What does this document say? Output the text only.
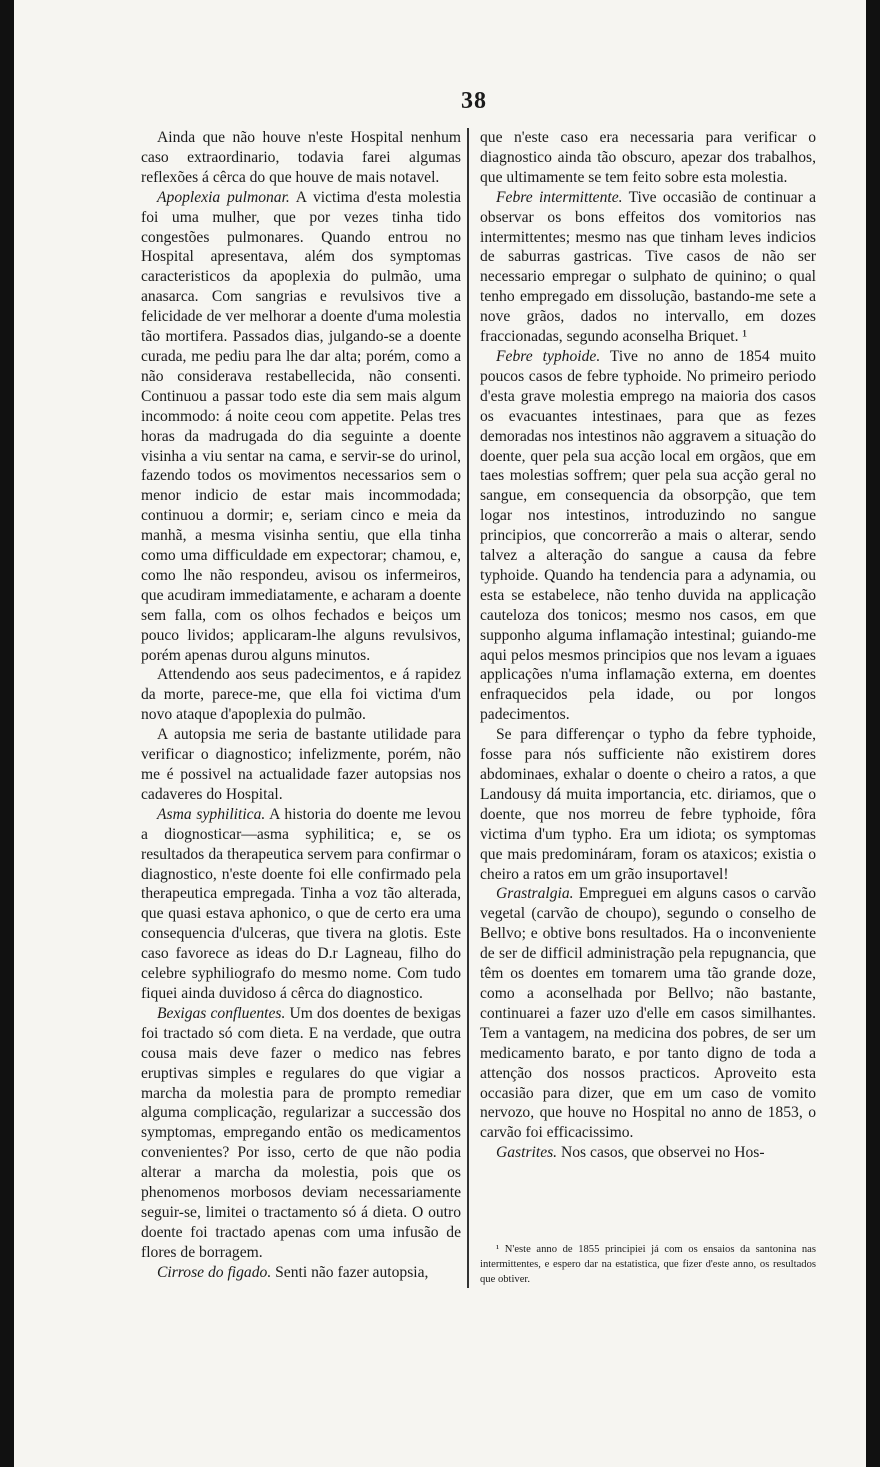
38

Ainda que não houve n'este Hospital nenhum caso extraordinario, todavia farei algumas reflexões á cêrca do que houve de mais notavel.

Apoplexia pulmonar. A victima d'esta molestia foi uma mulher, que por vezes tinha tido congestões pulmonares. Quando entrou no Hospital apresentava, além dos symptomas caracteristicos da apoplexia do pulmão, uma anasarca. Com sangrias e revulsivos tive a felicidade de ver melhorar a doente d'uma molestia tão mortifera. Passados dias, julgando-se a doente curada, me pediu para lhe dar alta; porém, como a não considerava restabellecida, não consenti. Continuou a passar todo este dia sem mais algum incommodo: á noite ceou com appetite. Pelas tres horas da madrugada do dia seguinte a doente visinha a viu sentar na cama, e servir-se do urinol, fazendo todos os movimentos necessarios sem o menor indicio de estar mais incommodada; continuou a dormir; e, seriam cinco e meia da manhã, a mesma visinha sentiu, que ella tinha como uma difficuldade em expectorar; chamou, e, como lhe não respondeu, avisou os infermeiros, que acudiram immediatamente, e acharam a doente sem falla, com os olhos fechados e beiços um pouco lividos; applicaram-lhe alguns revulsivos, porém apenas durou alguns minutos.

Attendendo aos seus padecimentos, e á rapidez da morte, parece-me, que ella foi victima d'um novo ataque d'apoplexia do pulmão.

A autopsia me seria de bastante utilidade para verificar o diagnostico; infelizmente, porém, não me é possivel na actualidade fazer autopsias nos cadaveres do Hospital.

Asma syphilitica. A historia do doente me levou a diognosticar—asma syphilitica; e, se os resultados da therapeutica servem para confirmar o diagnostico, n'este doente foi elle confirmado pela therapeutica empregada. Tinha a voz tão alterada, que quasi estava aphonico, o que de certo era uma consequencia d'ulceras, que tivera na glotis. Este caso favorece as ideas do D.r Lagneau, filho do celebre syphiliografo do mesmo nome. Com tudo fiquei ainda duvidoso á cêrca do diagnostico.

Bexigas confluentes. Um dos doentes de bexigas foi tractado só com dieta. E na verdade, que outra cousa mais deve fazer o medico nas febres eruptivas simples e regulares do que vigiar a marcha da molestia para de prompto remediar alguma complicação, regularizar a successão dos symptomas, empregando então os medicamentos convenientes? Por isso, certo de que não podia alterar a marcha da molestia, pois que os phenomenos morbosos deviam necessariamente seguir-se, limitei o tractamento só á dieta. O outro doente foi tractado apenas com uma infusão de flores de borragem.

Cirrose do figado. Senti não fazer autopsia,

que n'este caso era necessaria para verificar o diagnostico ainda tão obscuro, apezar dos trabalhos, que ultimamente se tem feito sobre esta molestia.

Febre intermittente. Tive occasião de continuar a observar os bons effeitos dos vomitorios nas intermittentes; mesmo nas que tinham leves indicios de saburras gastricas. Tive casos de não ser necessario empregar o sulphato de quinino; o qual tenho empregado em dissolução, bastando-me sete a nove grãos, dados no intervallo, em dozes fraccionadas, segundo aconselha Briquet. ¹

Febre typhoide. Tive no anno de 1854 muito poucos casos de febre typhoide. No primeiro periodo d'esta grave molestia emprego na maioria dos casos os evacuantes intestinaes, para que as fezes demoradas nos intestinos não aggravem a situação do doente, quer pela sua acção local em orgãos, que em taes molestias soffrem; quer pela sua acção geral no sangue, em consequencia da obsorpção, que tem logar nos intestinos, introduzindo no sangue principios, que concorrerão a mais o alterar, sendo talvez a alteração do sangue a causa da febre typhoide. Quando ha tendencia para a adynamia, ou esta se estabelece, não tenho duvida na applicação cauteloza dos tonicos; mesmo nos casos, em que supponho alguma inflamação intestinal; guiando-me aqui pelos mesmos principios que nos levam a iguaes applicações n'uma inflamação externa, em doentes enfraquecidos pela idade, ou por longos padecimentos.

Se para differençar o typho da febre typhoide, fosse para nós sufficiente não existirem dores abdominaes, exhalar o doente o cheiro a ratos, a que Landousy dá muita importancia, etc. diriamos, que o doente, que nos morreu de febre typhoide, fôra victima d'um typho. Era um idiota; os symptomas que mais predomináram, foram os ataxicos; existia o cheiro a ratos em um grão insuportavel!

Grastralgia. Empreguei em alguns casos o carvão vegetal (carvão de choupo), segundo o conselho de Bellvo; e obtive bons resultados. Ha o inconveniente de ser de difficil administração pela repugnancia, que têm os doentes em tomarem uma tão grande doze, como a aconselhada por Bellvo; não bastante, continuarei a fazer uzo d'elle em casos similhantes. Tem a vantagem, na medicina dos pobres, de ser um medicamento barato, e por tanto digno de toda a attenção dos nossos practicos. Aproveito esta occasião para dizer, que em um caso de vomito nervozo, que houve no Hospital no anno de 1853, o carvão foi efficacissimo.

Gastrites. Nos casos, que observei no Hos-

¹ N'este anno de 1855 principiei já com os ensaios da santonina nas intermittentes, e espero dar na estatistica, que fizer d'este anno, os resultados que obtiver.
